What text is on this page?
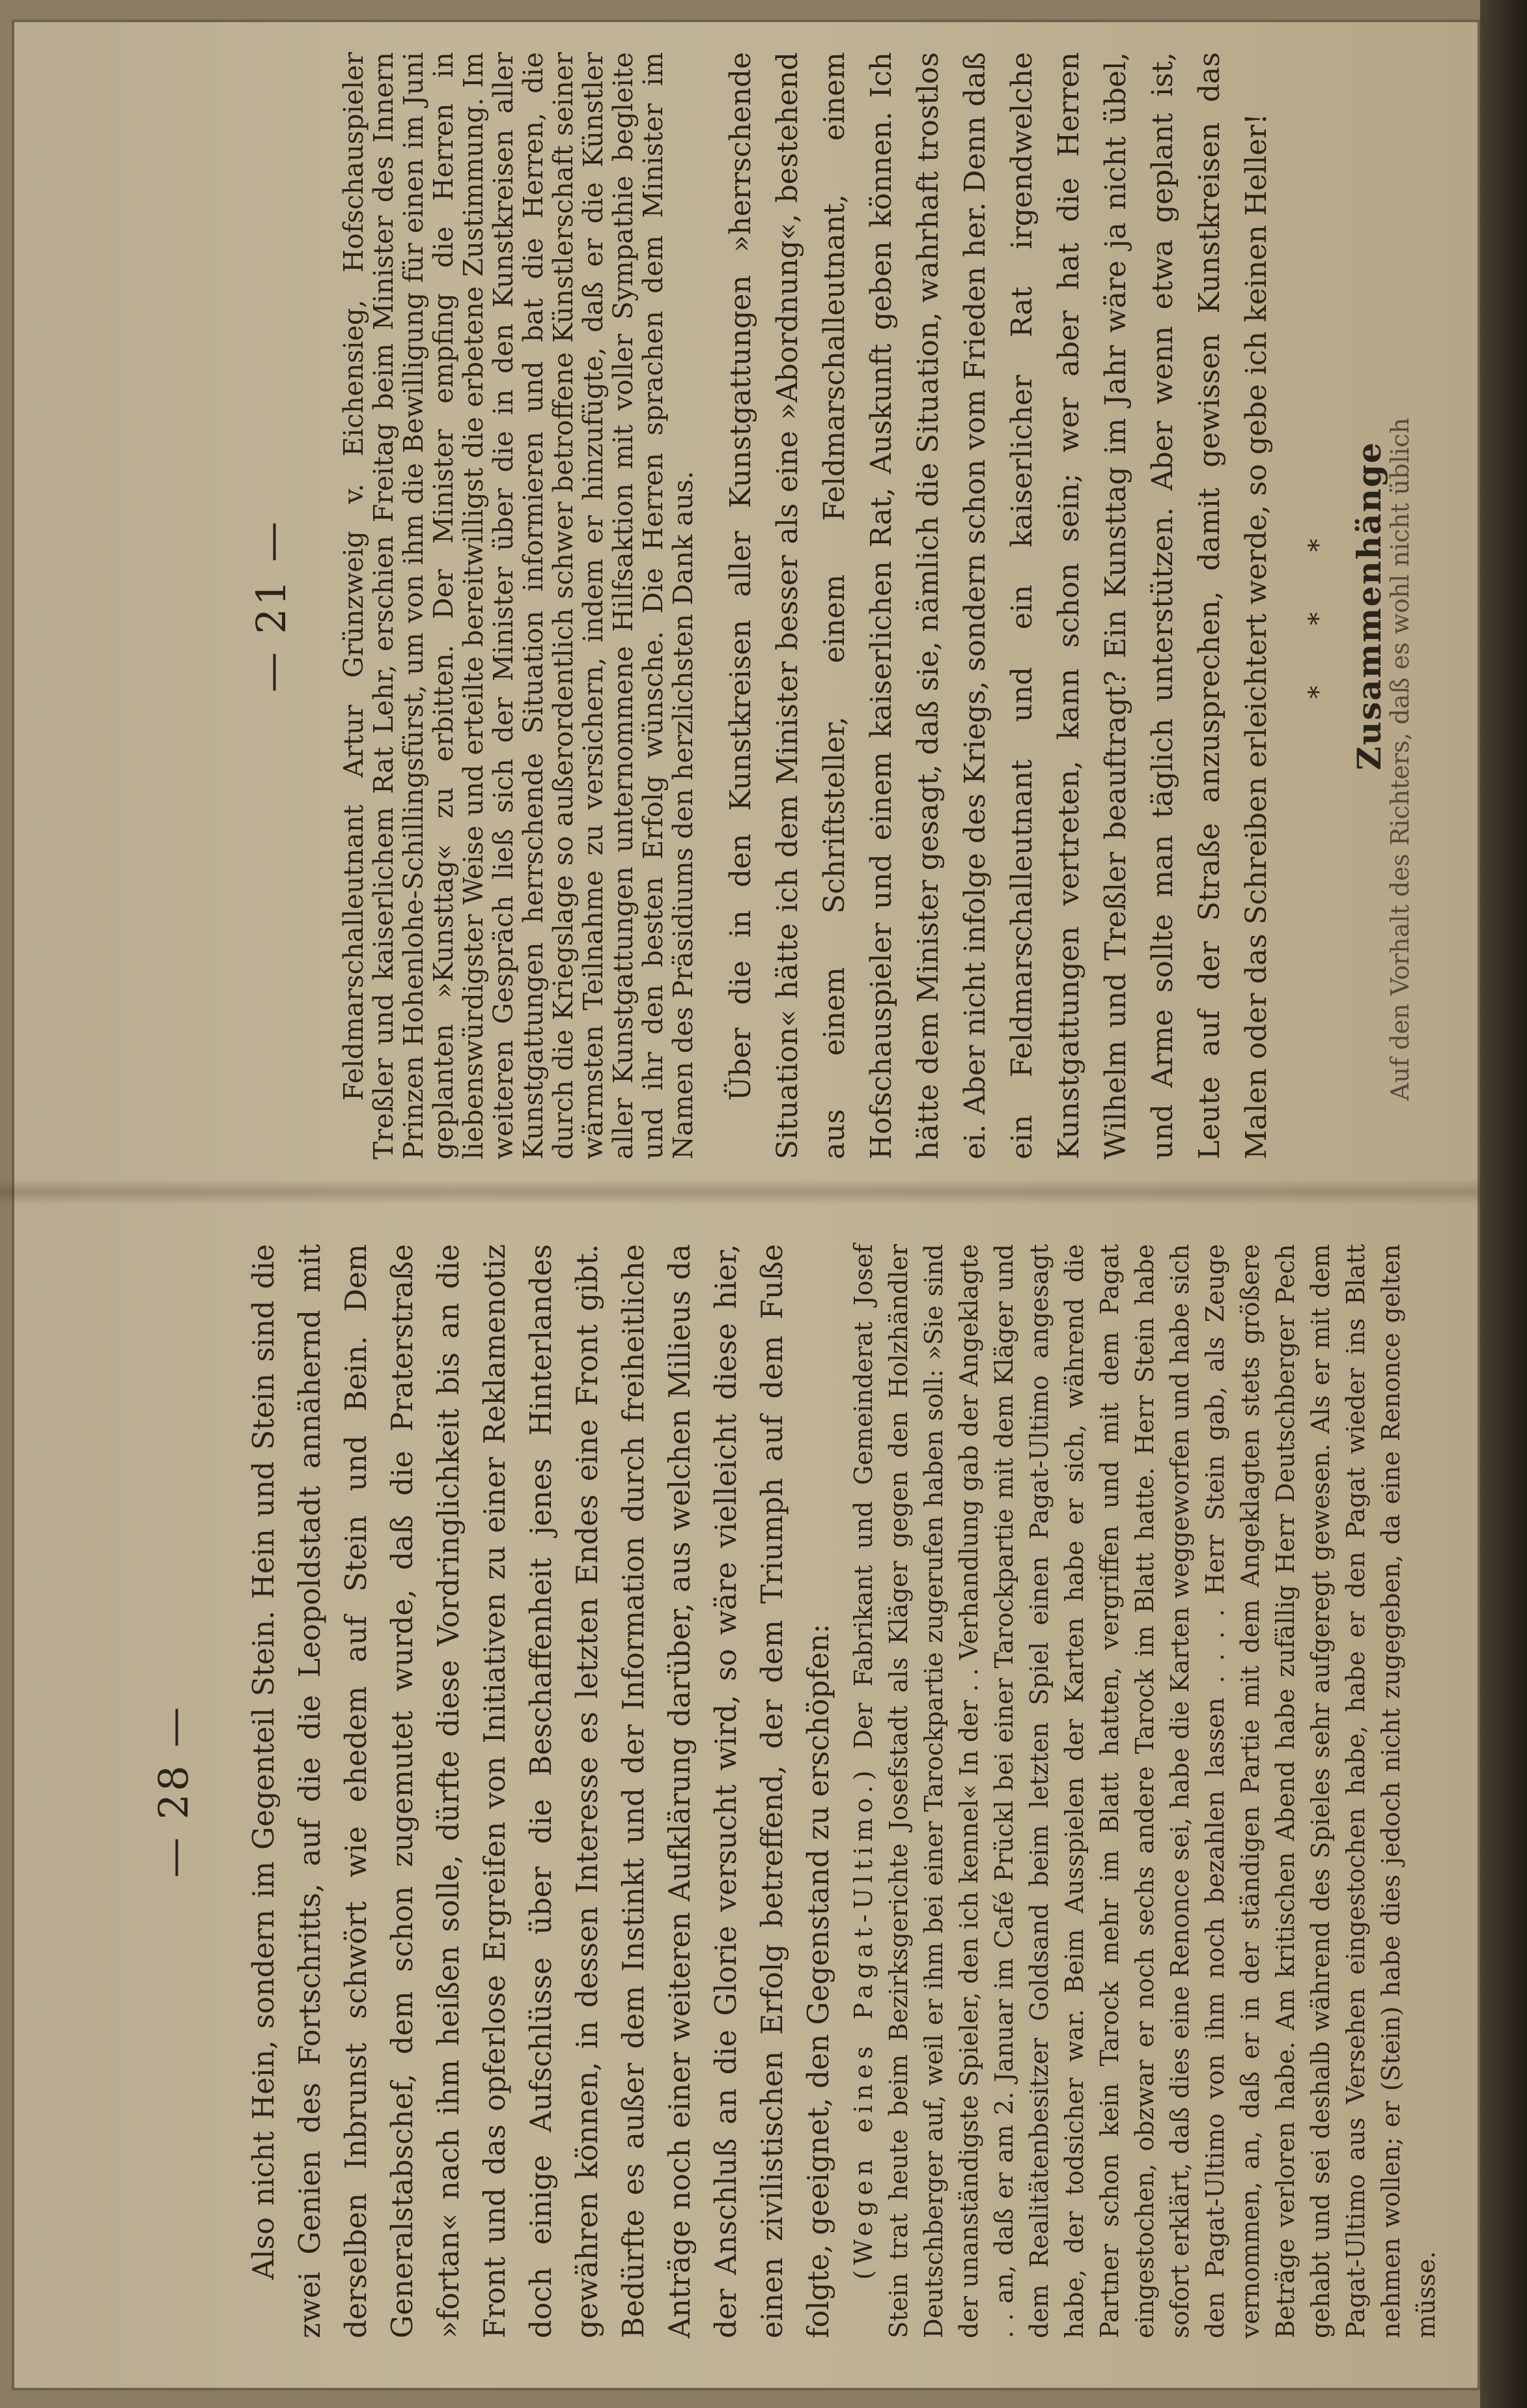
— 28 — Also nicht Hein, sondern im Gegenteil Stein. Hein und Stein sind die zwei Genien des Fortschritts, auf die die Leopoldstadt annähernd mit derselben Inbrunst schwört wie ehedem auf Stein und Bein. Dem Generalstabschef, dem schon zugemutet wurde, daß die Praterstraße »fortan« nach ihm heißen solle, dürfte diese Vordringlichkeit bis an die Front und das opferlose Ergreifen von Initiativen zu einer Reklamenotiz doch einige Aufschlüsse über die Beschaffenheit jenes Hinterlandes gewähren können, in dessen Interesse es letzten Endes eine Front gibt. Bedürfte es außer dem Instinkt und der Information durch freiheitliche Anträge noch einer weiteren Aufklärung darüber, aus welchen Milieus da der Anschluß an die Glorie versucht wird, so wäre vielleicht diese hier, einen zivilistischen Erfolg betreffend, der dem Triumph auf dem Fuße folgte, geeignet, den Gegenstand zu erschöpfen: (Wegen eines Pagat-Ultimo.) Der Fabrikant und Gemeinderat Josef Stein trat heute beim Bezirksgerichte Josefstadt als Kläger gegen den Holzhändler Deutschberger auf, weil er ihm bei einer Tarockpartie zugerufen haben soll: »Sie sind der unanständigste Spieler, den ich kennel« In der . . Verhandlung gab der Angeklagte . . an, daß er am 2. Januar im Café Prückl bei einer Tarockpartie mit dem Kläger und dem Realitätenbesitzer Goldsand beim letzten Spiel einen Pagat-Ultimo angesagt habe, der todsicher war. Beim Ausspielen der Karten habe er sich, während die Partner schon kein Tarock mehr im Blatt hatten, vergriffen und mit dem Pagat eingestochen, obzwar er noch sechs andere Tarock im Blatt hatte. Herr Stein habe sofort erklärt, daß dies eine Renonce sei, habe die Karten weggeworfen und habe sich den Pagat-Ultimo von ihm noch bezahlen lassen . . . . Herr Stein gab, als Zeuge vernommen, an, daß er in der ständigen Partie mit dem Angeklagten stets größere Beträge verloren habe. Am kritischen Abend habe zufällig Herr Deutschberger Pech gehabt und sei deshalb während des Spieles sehr aufgeregt gewesen. Als er mit dem Pagat-Ultimo aus Versehen eingestochen habe, habe er den Pagat wieder ins Blatt nehmen wollen; er (Stein) habe dies jedoch nicht zugegeben, da eine Renonce gelten müsse.

— 21 — Feldmarschalleutnant Artur Grünzweig v. Eichensieg, Hofschauspieler Treßler und kaiserlichem Rat Lehr, erschien Freitag beim Minister des Innern Prinzen Hohenlohe-Schillingsfürst, um von ihm die Bewilligung für einen im Juni geplanten »Kunsttag« zu erbitten. Der Minister empfing die Herren in liebenswürdigster Weise und erteilte bereitwilligst die erbetene Zustimmung. Im weiteren Gespräch ließ sich der Minister über die in den Kunstkreisen aller Kunstgattungen herrschende Situation informieren und bat die Herren, die durch die Kriegslage so außerordentlich schwer betroffene Künstlerschaft seiner wärmsten Teilnahme zu versichern, indem er hinzufügte, daß er die Künstler aller Kunstgattungen unternommene Hilfsaktion mit voller Sympathie begleite und ihr den besten Erfolg wünsche. Die Herren sprachen dem Minister im Namen des Präsidiums den herzlichsten Dank aus. Über die in den Kunstkreisen aller Kunstgattungen »herrschende Situation« hätte ich dem Minister besser als eine »Abordnung«, bestehend aus einem Schriftsteller, einem Feldmarschalleutnant, einem Hofschauspieler und einem kaiserlichen Rat, Auskunft geben können. Ich hätte dem Minister gesagt, daß sie, nämlich die Situation, wahrhaft trostlos ei. Aber nicht infolge des Kriegs, sondern schon vom Frieden her. Denn daß ein Feldmarschalleutnant und ein kaiserlicher Rat irgendwelche Kunstgattungen vertreten, kann schon sein; wer aber hat die Herren Wilhelm und Treßler beauftragt? Ein Kunsttag im Jahr wäre ja nicht übel, und Arme sollte man täglich unterstützen. Aber wenn etwa geplant ist, Leute auf der Straße anzusprechen, damit gewissen Kunstkreisen das Malen oder das Schreiben erleichtert werde, so gebe ich keinen Heller! * * * Zusammenhänge

Auf den Vorhalt des Richters, daß es wohl nicht üblich
